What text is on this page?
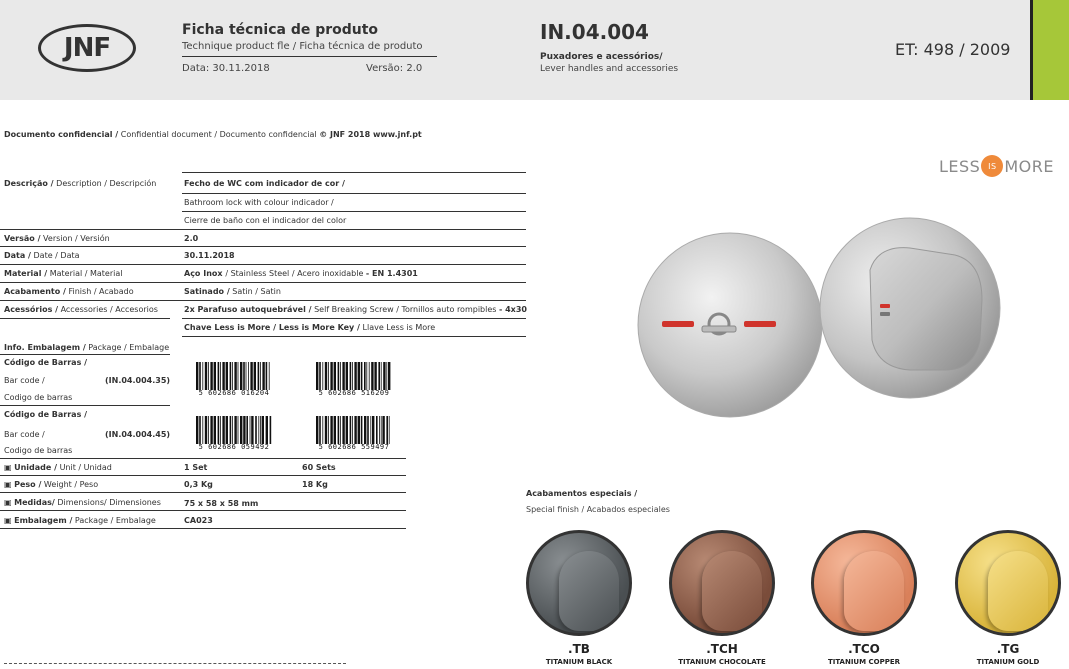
JNF
Ficha técnica de produto
Technique product fle / Ficha técnica de produto
Data: 30.11.2018	Versão: 2.0
IN.04.004
Puxadores e acessórios/
Lever handles and accessories
ET: 498 / 2009
Documento confidencial / Confidential document / Documento confidencial © JNF 2018 www.jnf.pt
LESS IS MORE
Descrição / Description / Descripción	Fecho de WC com indicador de cor /
Bathroom lock with colour indicador /
Cierre de baño con el indicador del color
Versão / Version / Versión	2.0
Data / Date / Data	30.11.2018
Material / Material / Material	Aço Inox / Stainless Steel / Acero inoxidable - EN 1.4301
Acabamento / Finish / Acabado	Satinado / Satin / Satin
Acessórios / Accessories / Accesorios	2x Parafuso autoquebrável / Self Breaking Screw / Tornillos auto rompibles - 4x30
Chave Less is More / Less is More Key / Llave Less is More
Info. Embalagem / Package / Embalage
Código de Barras /
Bar code /	(IN.04.004.35)
Codigo de barras
Código de Barras /
Bar code /	(IN.04.004.45)
Codigo de barras
5 602686 016204	5 602686 516209
5 602686 059492	5 602686 559497
▣ Unidade / Unit / Unidad	1 Set	60 Sets
▣ Peso / Weight / Peso	0,3 Kg	18 Kg
▣ Medidas/ Dimensions/ Dimensiones	75 x 58 x 58 mm
▣ Embalagem / Package / Embalage	CA023
Acabamentos especiais /
Special finish / Acabados especiales
.TB
TITANIUM BLACK
.TCH
TITANIUM CHOCOLATE
.TCO
TITANIUM COPPER
.TG
TITANIUM GOLD
